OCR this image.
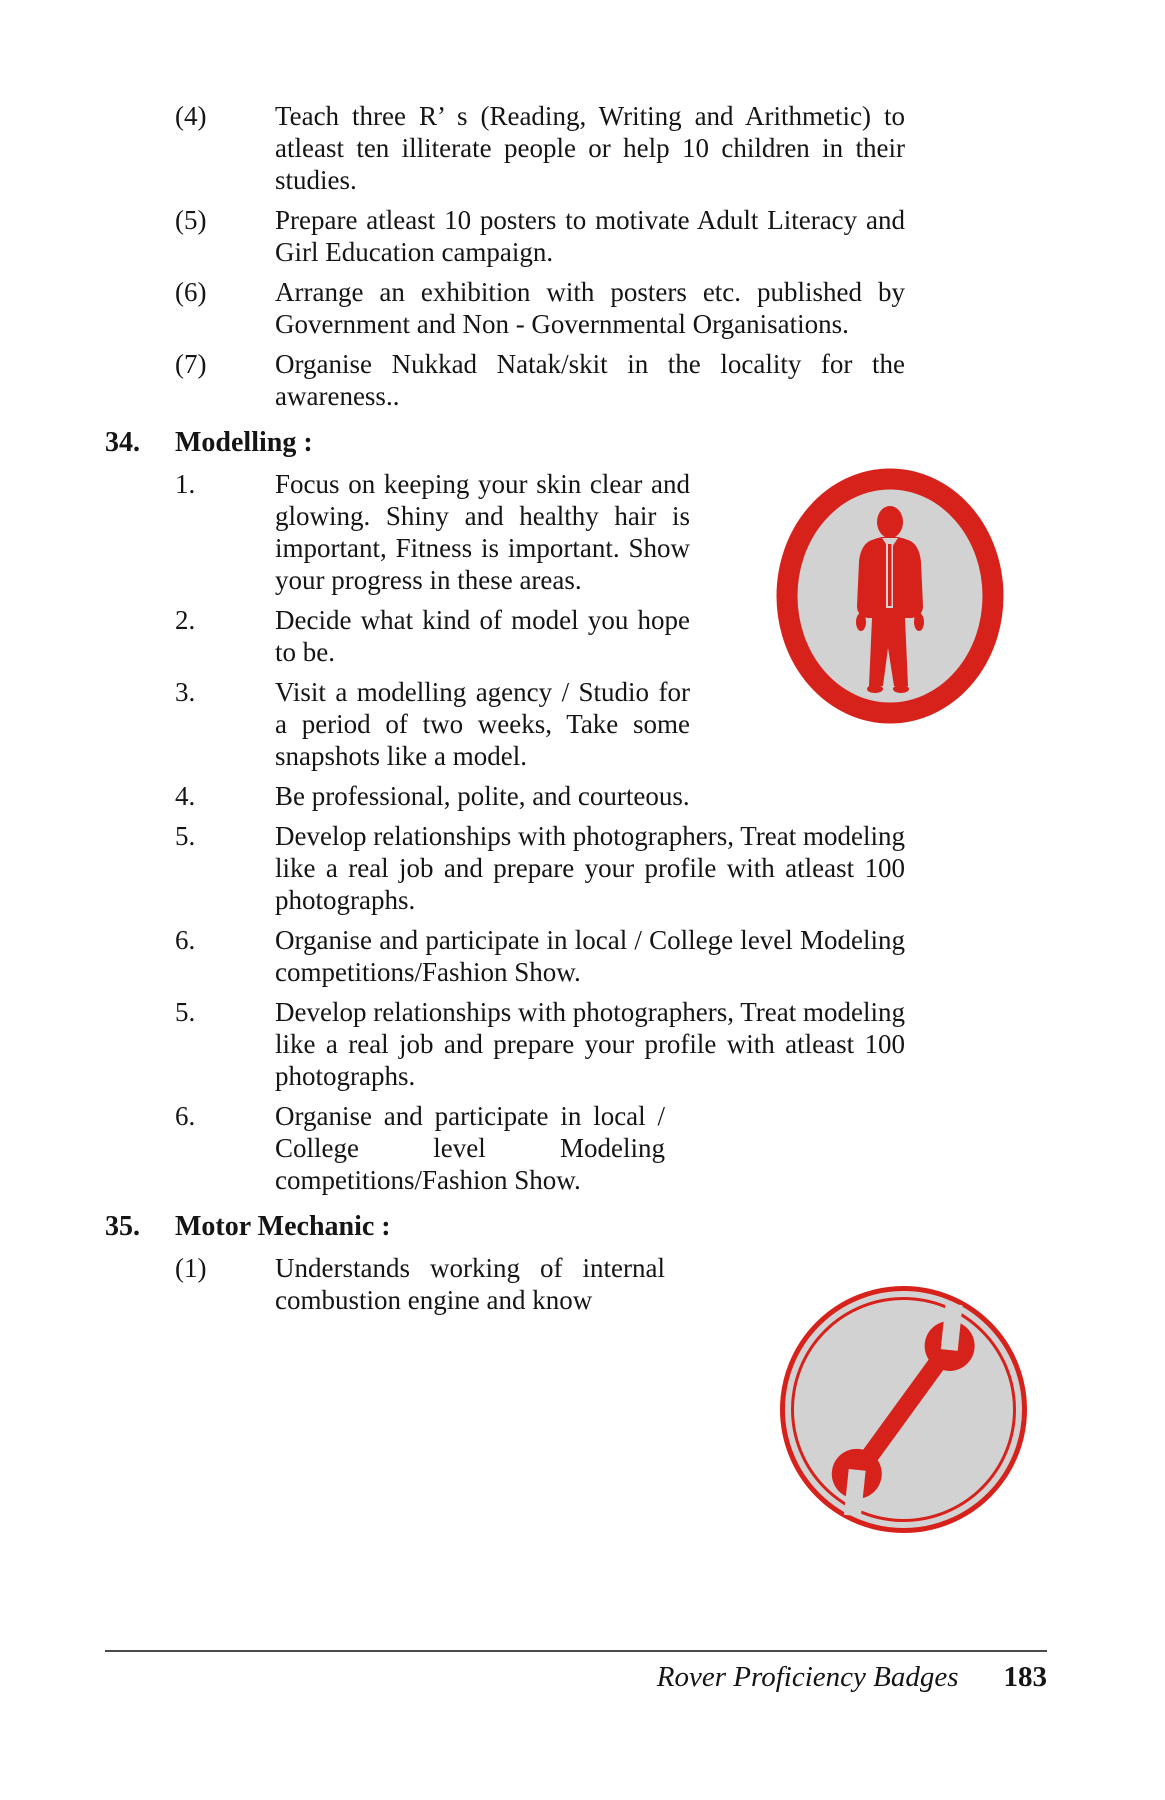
(4)	Teach three R’ s (Reading, Writing and Arithmetic) to atleast ten illiterate people or help 10 children in their studies.

(5)	Prepare atleast 10 posters to motivate Adult Literacy and Girl Education campaign.

(6)	Arrange an exhibition with posters etc. published by Government and Non - Governmental Organisations.

(7)	Organise Nukkad Natak/skit in the locality for the awareness..

34. Modelling :

1.	Focus on keeping your skin clear and glowing. Shiny and healthy hair is important, Fitness is important. Show your progress in these areas.

2.	Decide what kind of model you hope to be.

3.	Visit a modelling agency / Studio for a period of two weeks, Take some snapshots like a model.

4.	Be professional, polite, and courteous.

5.	Develop relationships with photographers, Treat modeling like a real job and prepare your profile with atleast 100 photographs.

6.	Organise and participate in local / College level Modeling competitions/Fashion Show.

5.	Develop relationships with photographers, Treat modeling like a real job and prepare your profile with atleast 100 photographs.

6.	Organise and participate in local / College level Modeling competitions/Fashion Show.

35. Motor Mechanic :

(1)	Understands working of internal combustion engine and know

Rover Proficiency Badges 183
